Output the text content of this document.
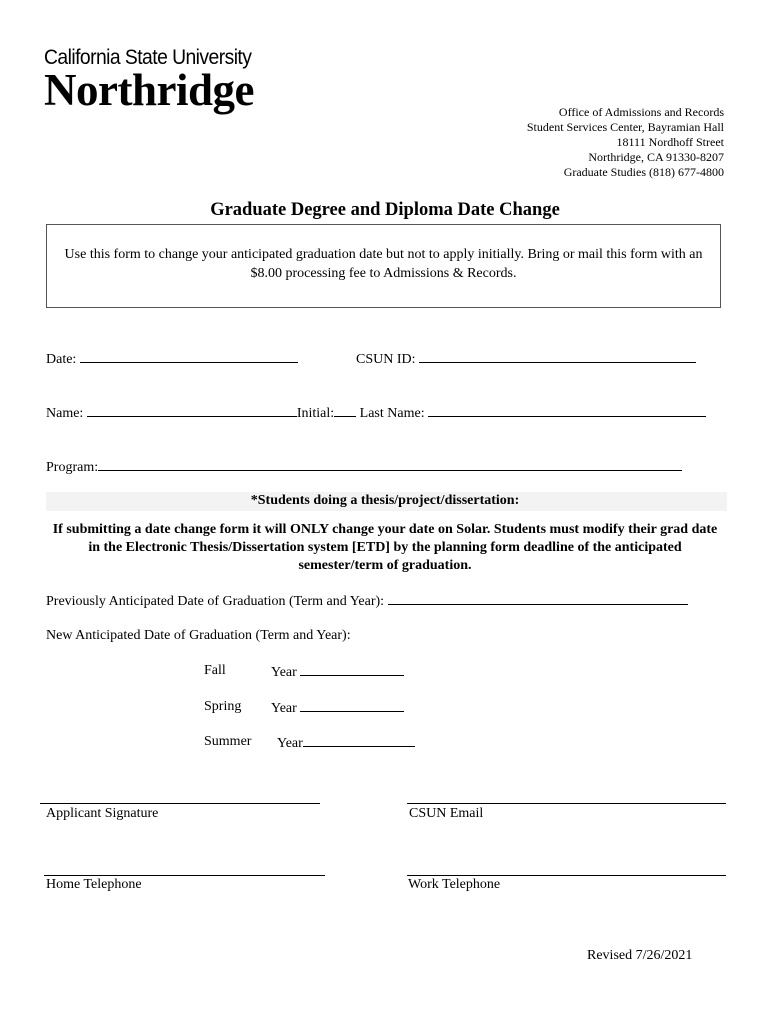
California State University
Northridge	Office of Admissions and Records
Student Services Center, Bayramian Hall
18111 Nordhoff Street
Northridge, CA 91330-8207
Graduate Studies (818) 677-4800
Graduate Degree and Diploma Date Change

Use this form to change your anticipated graduation date but not to apply initially. Bring or mail this form with an $8.00 processing fee to Admissions & Records.

Date:	CSUN ID:
Name:	Initial: Last Name:
Program:
*Students doing a thesis/project/dissertation:
If submitting a date change form it will ONLY change your date on Solar. Students must modify their grad date in the Electronic Thesis/Dissertation system [ETD] by the planning form deadline of the anticipated semester/term of graduation.
Previously Anticipated Date of Graduation (Term and Year):
New Anticipated Date of Graduation (Term and Year):
Fall	Year
Spring Year
Summer Year
Applicant Signature	CSUN Email
Home Telephone	Work Telephone
Revised 7/26/2021
